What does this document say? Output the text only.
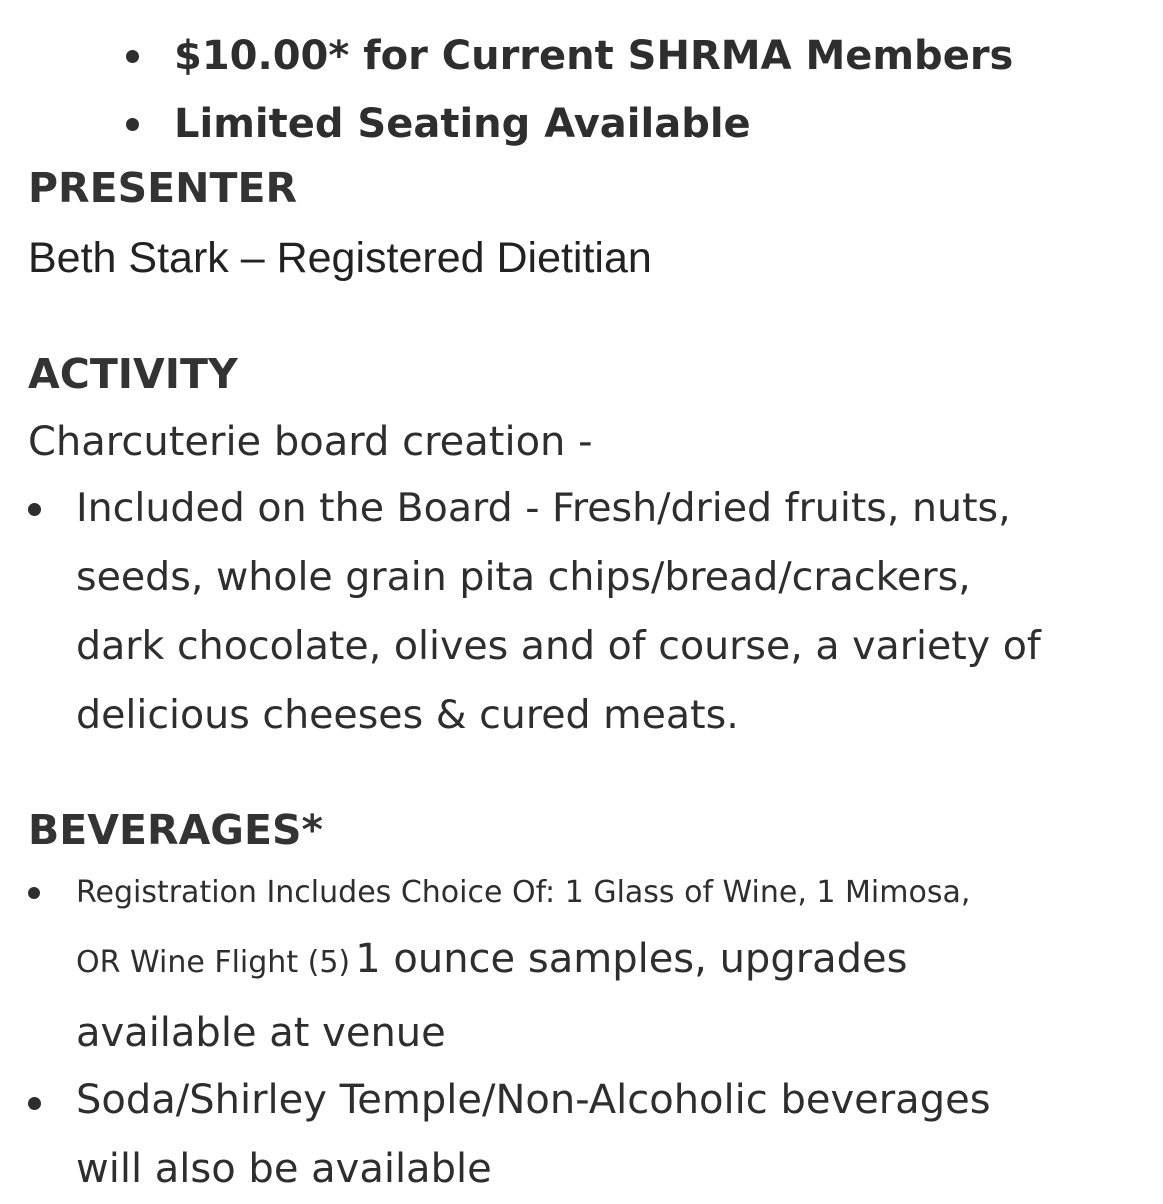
$10.00* for Current SHRMA Members
Limited Seating Available
PRESENTER

Beth Stark – Registered Dietitian

ACTIVITY

Charcuterie board creation -

Included on the Board - Fresh/dried fruits, nuts,
seeds, whole grain pita chips/bread/crackers,
dark chocolate, olives and of course, a variety of
delicious cheeses & cured meats.
BEVERAGES*
Registration Includes Choice Of: 1 Glass of Wine, 1 Mimosa,
OR Wine Flight (5) 1 ounce samples, upgrades
available at venue
Soda/Shirley Temple/Non-Alcoholic beverages
will also be available
